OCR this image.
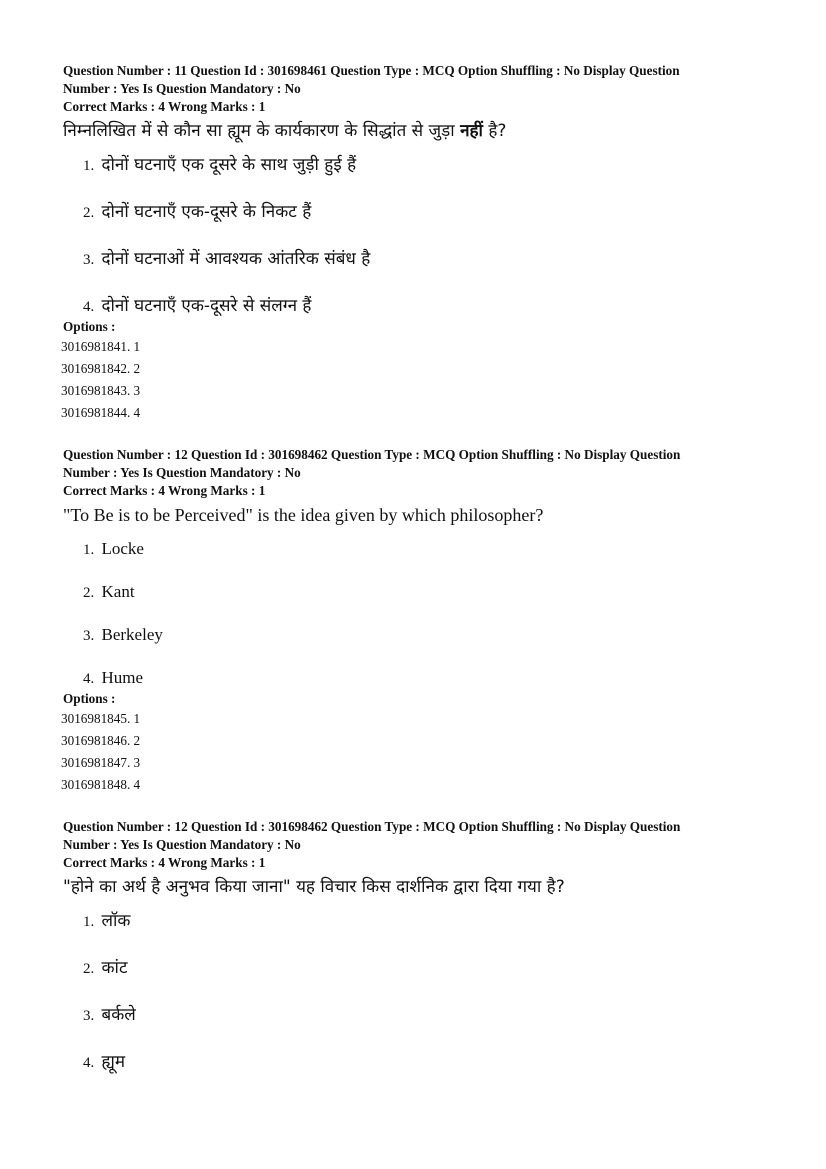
Question Number : 11 Question Id : 301698461 Question Type : MCQ Option Shuffling : No Display Question
Number : Yes Is Question Mandatory : No
Correct Marks : 4 Wrong Marks : 1
निम्नलिखित में से कौन सा ह्यूम के कार्यकारण के सिद्धांत से जुड़ा नहीं है?
1. दोनों घटनाएँ एक दूसरे के साथ जुड़ी हुई हैं
2. दोनों घटनाएँ एक-दूसरे के निकट हैं
3. दोनों घटनाओं में आवश्यक आंतरिक संबंध है
4. दोनों घटनाएँ एक-दूसरे से संलग्न हैं
Options :
3016981841. 1
3016981842. 2
3016981843. 3
3016981844. 4
Question Number : 12 Question Id : 301698462 Question Type : MCQ Option Shuffling : No Display Question
Number : Yes Is Question Mandatory : No
Correct Marks : 4 Wrong Marks : 1
"To Be is to be Perceived" is the idea given by which philosopher?
1. Locke
2. Kant
3. Berkeley
4. Hume
Options :
3016981845. 1
3016981846. 2
3016981847. 3
3016981848. 4
Question Number : 12 Question Id : 301698462 Question Type : MCQ Option Shuffling : No Display Question
Number : Yes Is Question Mandatory : No
Correct Marks : 4 Wrong Marks : 1
"होने का अर्थ है अनुभव किया जाना" यह विचार किस दार्शनिक द्वारा दिया गया है?
1. लॉक
2. कांट
3. बर्कले
4. ह्यूम
